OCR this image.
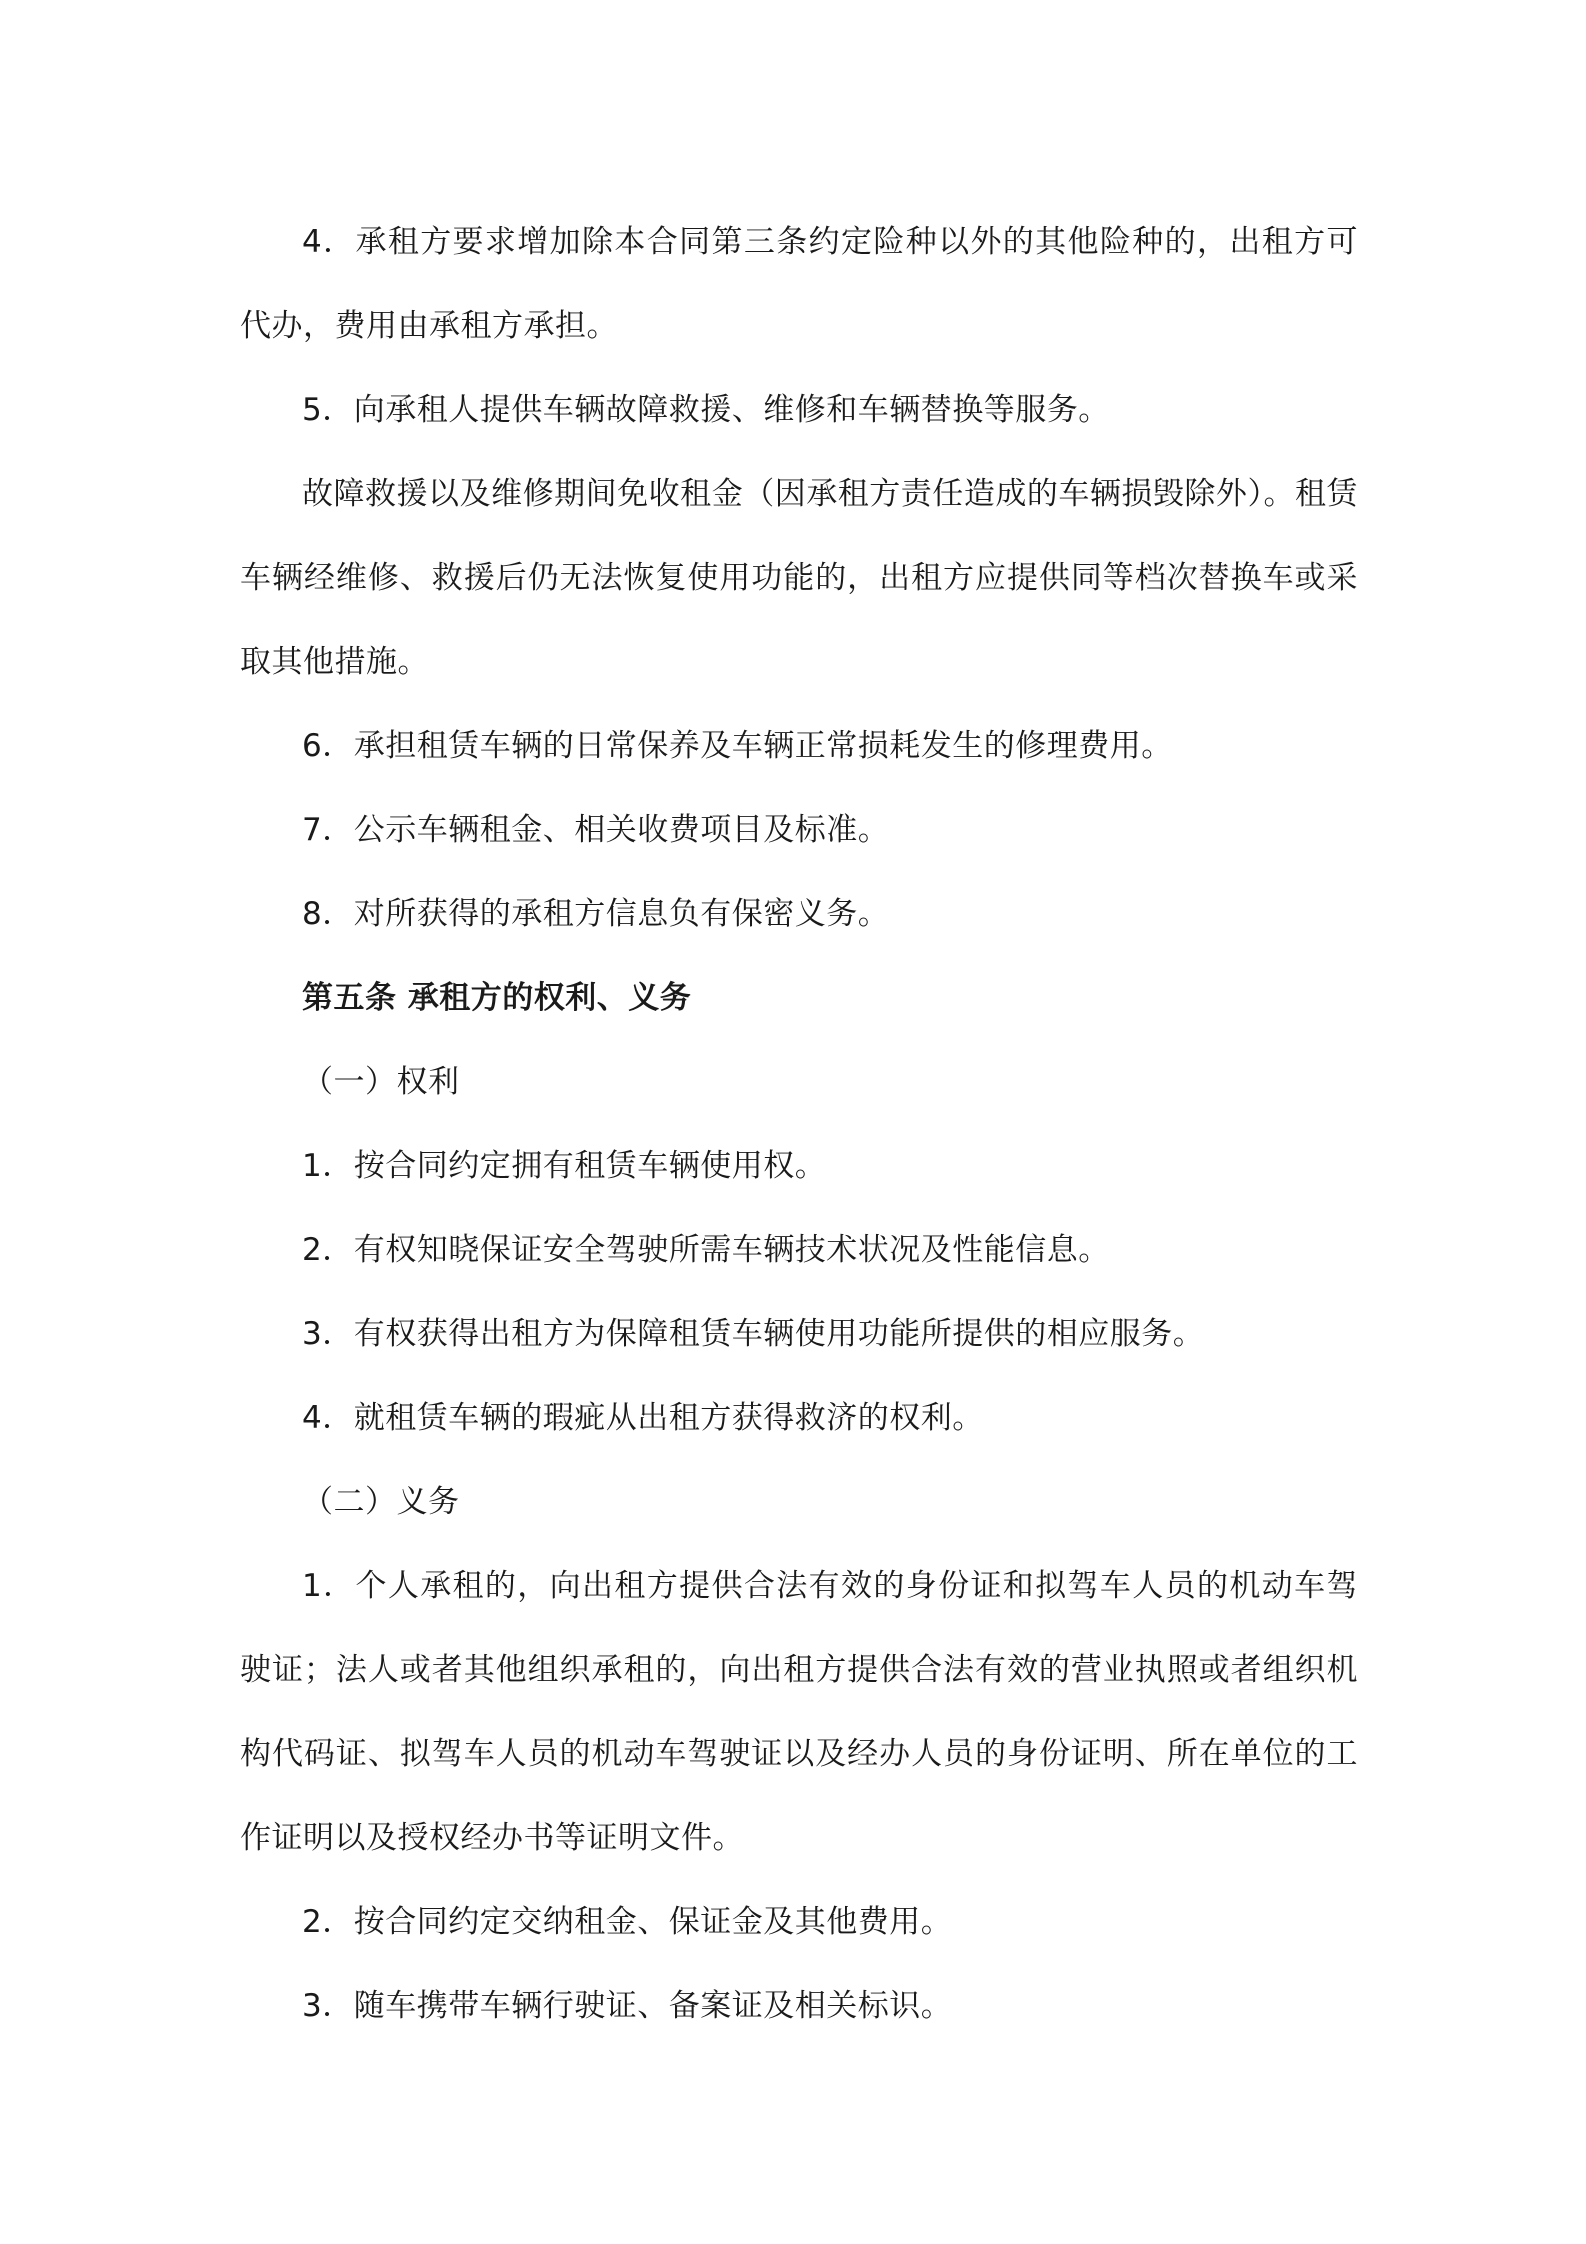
4．承租方要求增加除本合同第三条约定险种以外的其他险种的，出租方可代办，费用由承租方承担。

5．向承租人提供车辆故障救援、维修和车辆替换等服务。

故障救援以及维修期间免收租金（因承租方责任造成的车辆损毁除外）。租赁车辆经维修、救援后仍无法恢复使用功能的，出租方应提供同等档次替换车或采取其他措施。

6．承担租赁车辆的日常保养及车辆正常损耗发生的修理费用。

7．公示车辆租金、相关收费项目及标准。

8．对所获得的承租方信息负有保密义务。

第五条 承租方的权利、义务

（一）权利

1．按合同约定拥有租赁车辆使用权。

2．有权知晓保证安全驾驶所需车辆技术状况及性能信息。

3．有权获得出租方为保障租赁车辆使用功能所提供的相应服务。

4．就租赁车辆的瑕疵从出租方获得救济的权利。

（二）义务

1．个人承租的，向出租方提供合法有效的身份证和拟驾车人员的机动车驾驶证；法人或者其他组织承租的，向出租方提供合法有效的营业执照或者组织机构代码证、拟驾车人员的机动车驾驶证以及经办人员的身份证明、所在单位的工作证明以及授权经办书等证明文件。

2．按合同约定交纳租金、保证金及其他费用。

3．随车携带车辆行驶证、备案证及相关标识。
